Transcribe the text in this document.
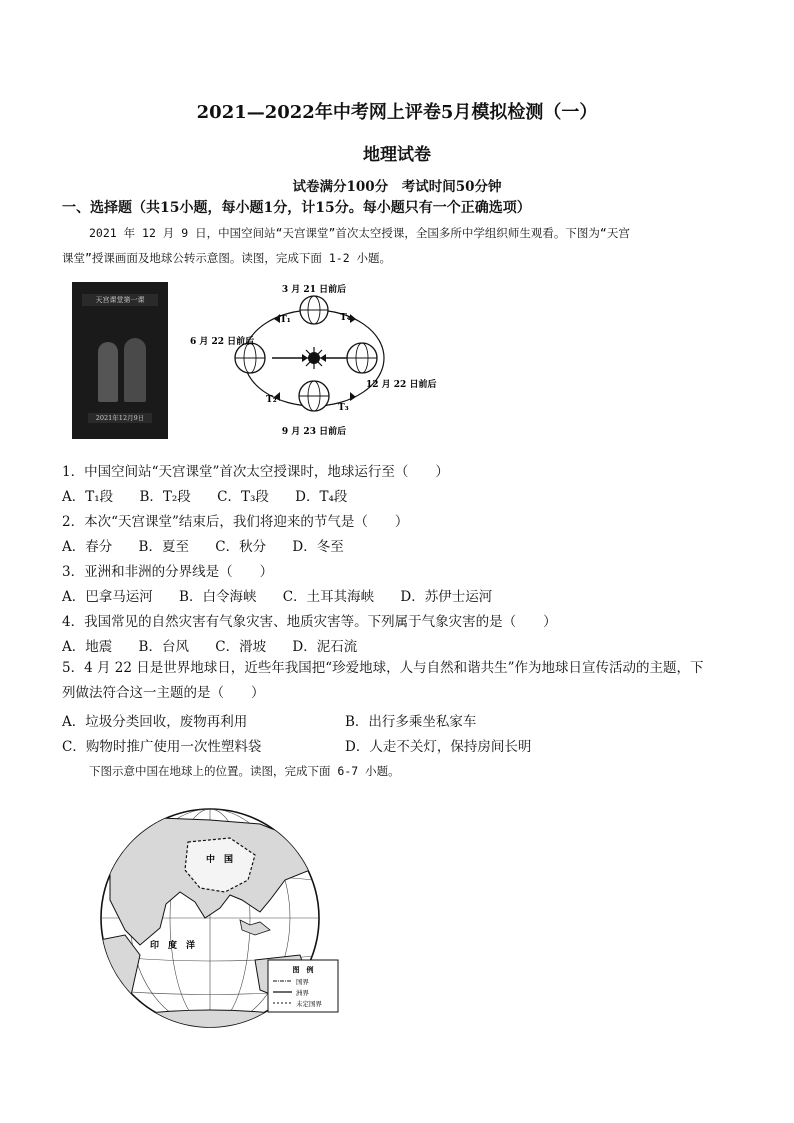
2021—2022年中考网上评卷5月模拟检测（一）
地理试卷
试卷满分100分　考试时间50分钟
一、选择题（共15小题，每小题1分，计15分。每小题只有一个正确选项）
2021 年 12 月 9 日，中国空间站“天宫课堂”首次太空授课，全国多所中学组织师生观看。下图为“天宫
课堂”授课画面及地球公转示意图。读图，完成下面 1-2 小题。
天宫课堂第一课
2021年12月9日
3 月 21 日前后
6 月 22 日前后
12 月 22 日前后
9 月 23 日前后
T₁
T₂
T₃
T₄
1．中国空间站“天宫课堂”首次太空授课时，地球运行至（　　）
A．T₁段 B．T₂段 C．T₃段 D．T₄段
2．本次“天宫课堂”结束后，我们将迎来的节气是（　　）
A．春分 B．夏至 C．秋分 D．冬至
3．亚洲和非洲的分界线是（　　）
A．巴拿马运河 B．白令海峡 C．土耳其海峡 D．苏伊士运河
4．我国常见的自然灾害有气象灾害、地质灾害等。下列属于气象灾害的是（　　）
A．地震 B．台风 C．滑坡 D．泥石流
5．4 月 22 日是世界地球日，近些年我国把“珍爱地球，人与自然和谐共生”作为地球日宣传活动的主题，下
列做法符合这一主题的是（　　）
A．垃圾分类回收，废物再利用	B．出行多乘坐私家车
C．购物时推广使用一次性塑料袋	D．人走不关灯，保持房间长明
下图示意中国在地球上的位置。读图，完成下面 6-7 小题。
中　国
印　度　洋
图　例
国界
洲界
未定国界
